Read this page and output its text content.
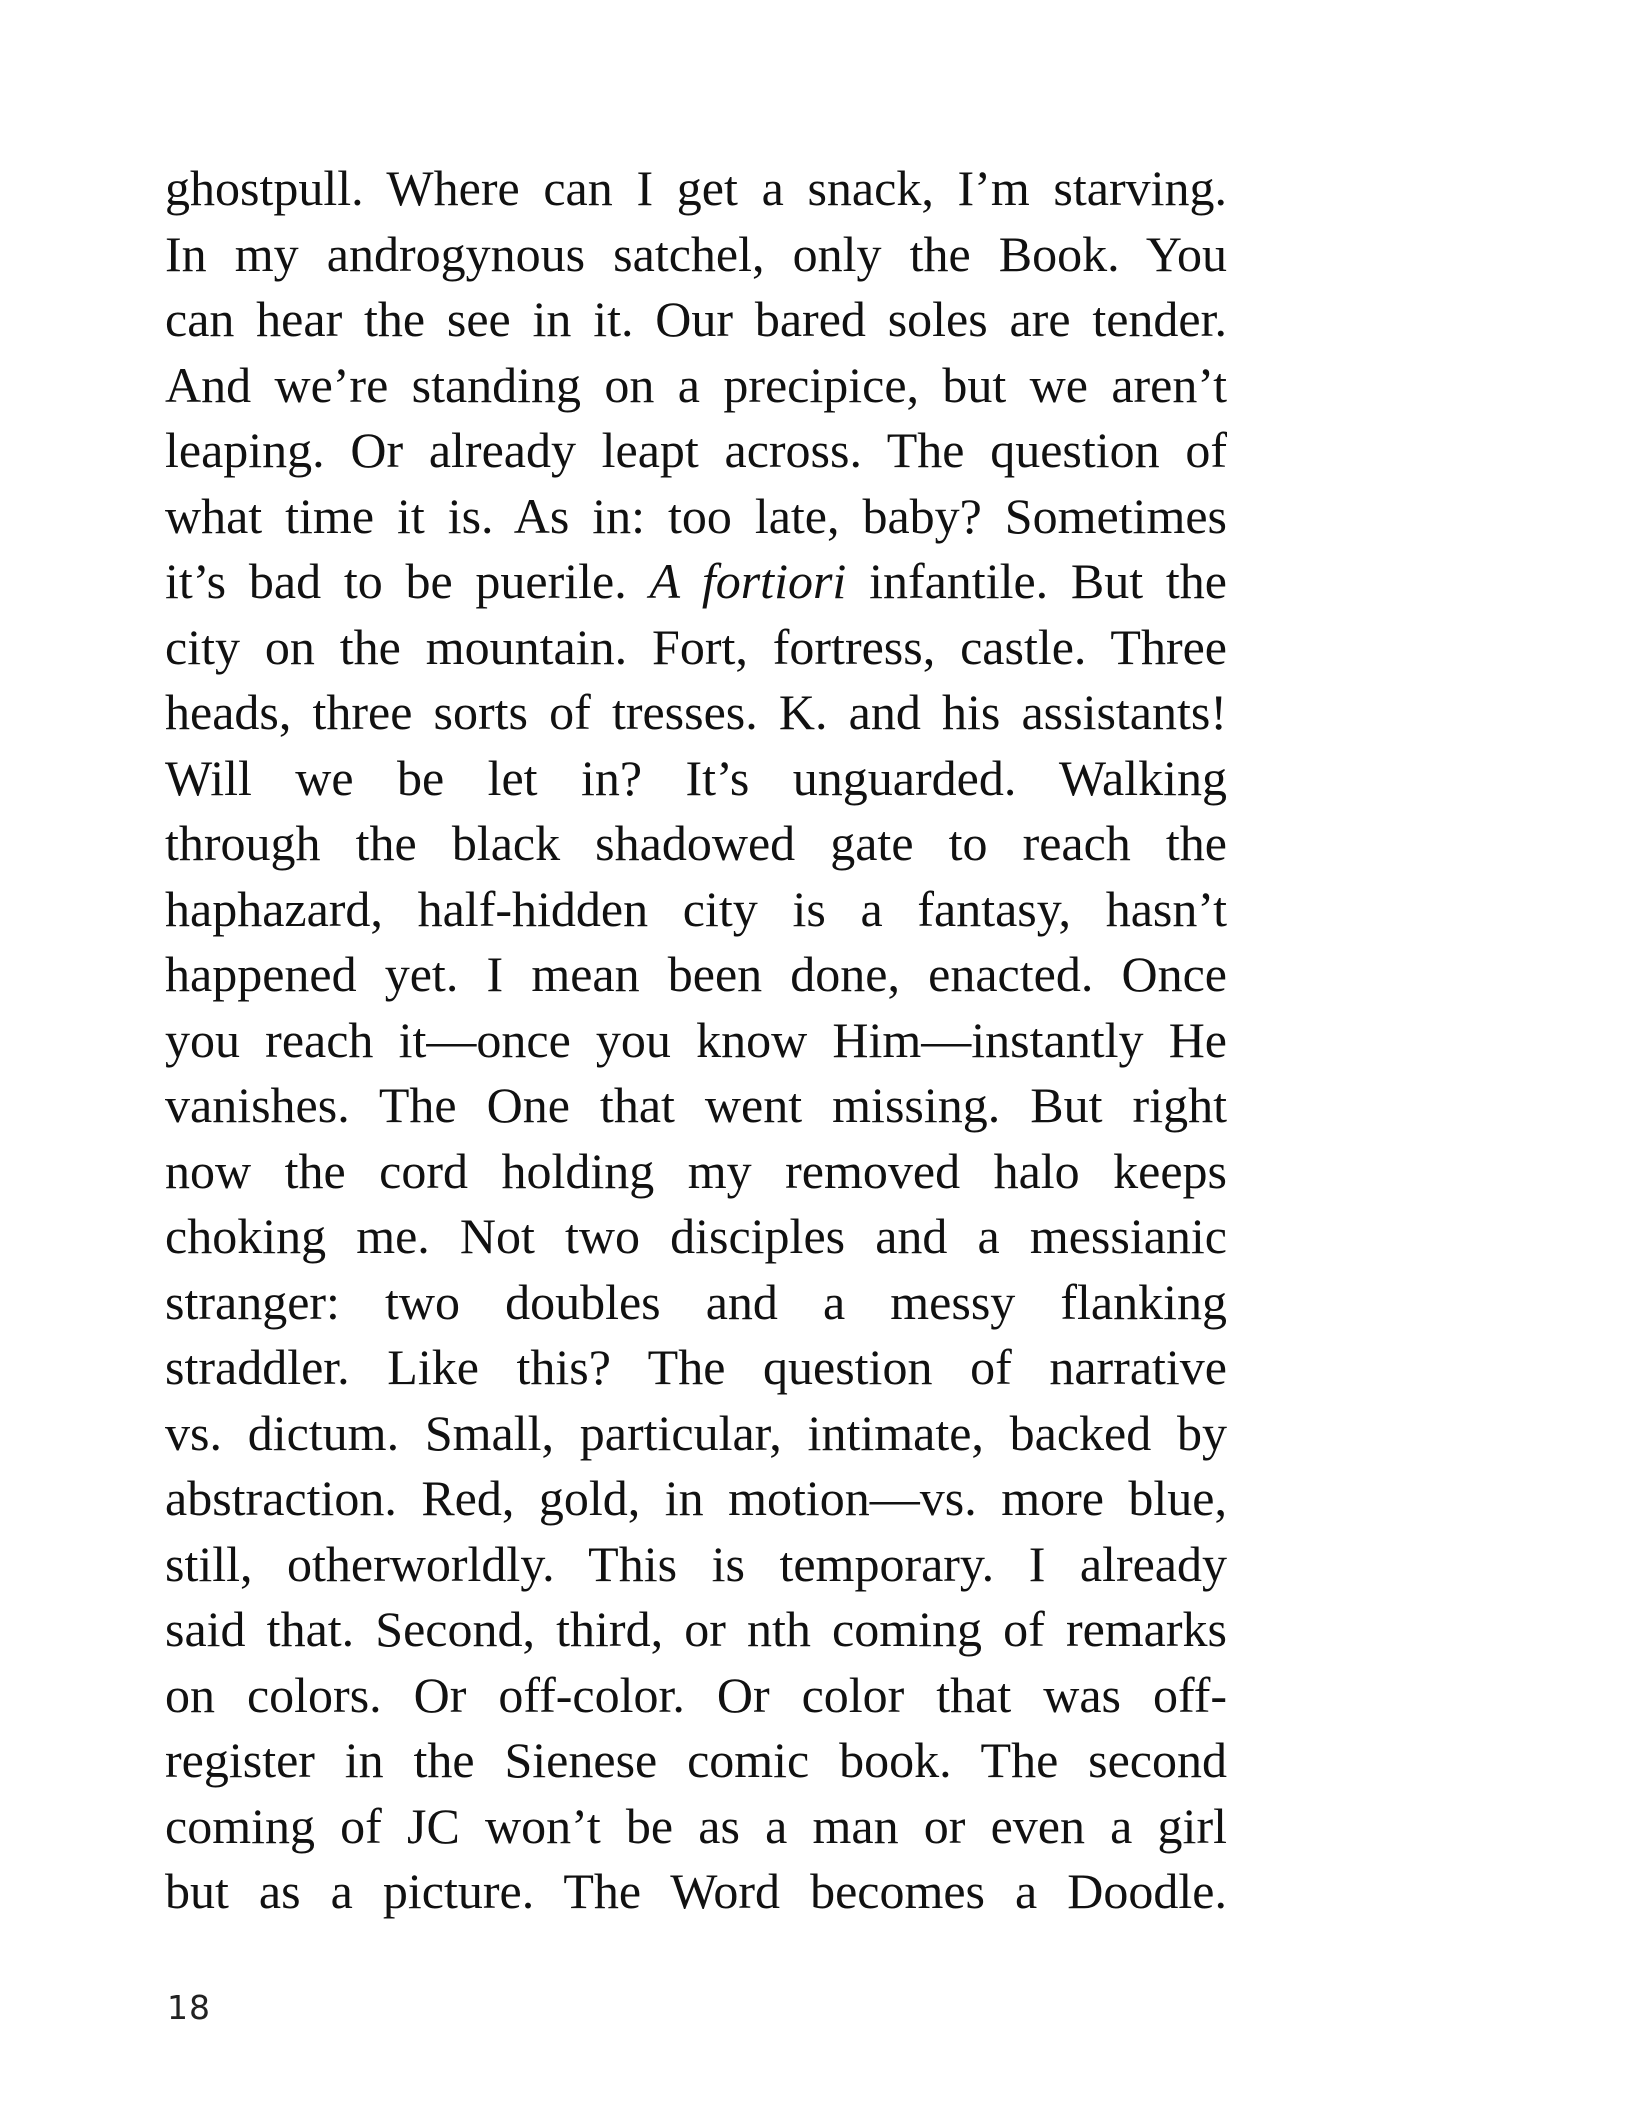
ghostpull. Where can I get a snack, I’m starving.
In my androgynous satchel, only the Book. You
can hear the see in it. Our bared soles are tender.
And we’re standing on a precipice, but we aren’t
leaping. Or already leapt across. The question of
what time it is. As in: too late, baby? Sometimes
it’s bad to be puerile. A fortiori infantile. But the
city on the mountain. Fort, fortress, castle. Three
heads, three sorts of tresses. K. and his assistants!
Will we be let in? It’s unguarded. Walking
through the black shadowed gate to reach the
haphazard, half-hidden city is a fantasy, hasn’t
happened yet. I mean been done, enacted. Once
you reach it—once you know Him—instantly He
vanishes. The One that went missing. But right
now the cord holding my removed halo keeps
choking me. Not two disciples and a messianic
stranger: two doubles and a messy flanking
straddler. Like this? The question of narrative
vs. dictum. Small, particular, intimate, backed by
abstraction. Red, gold, in motion—vs. more blue,
still, otherworldly. This is temporary. I already
said that. Second, third, or nth coming of remarks
on colors. Or off-color. Or color that was off-
register in the Sienese comic book. The second
coming of JC won’t be as a man or even a girl
but as a picture. The Word becomes a Doodle.
18
